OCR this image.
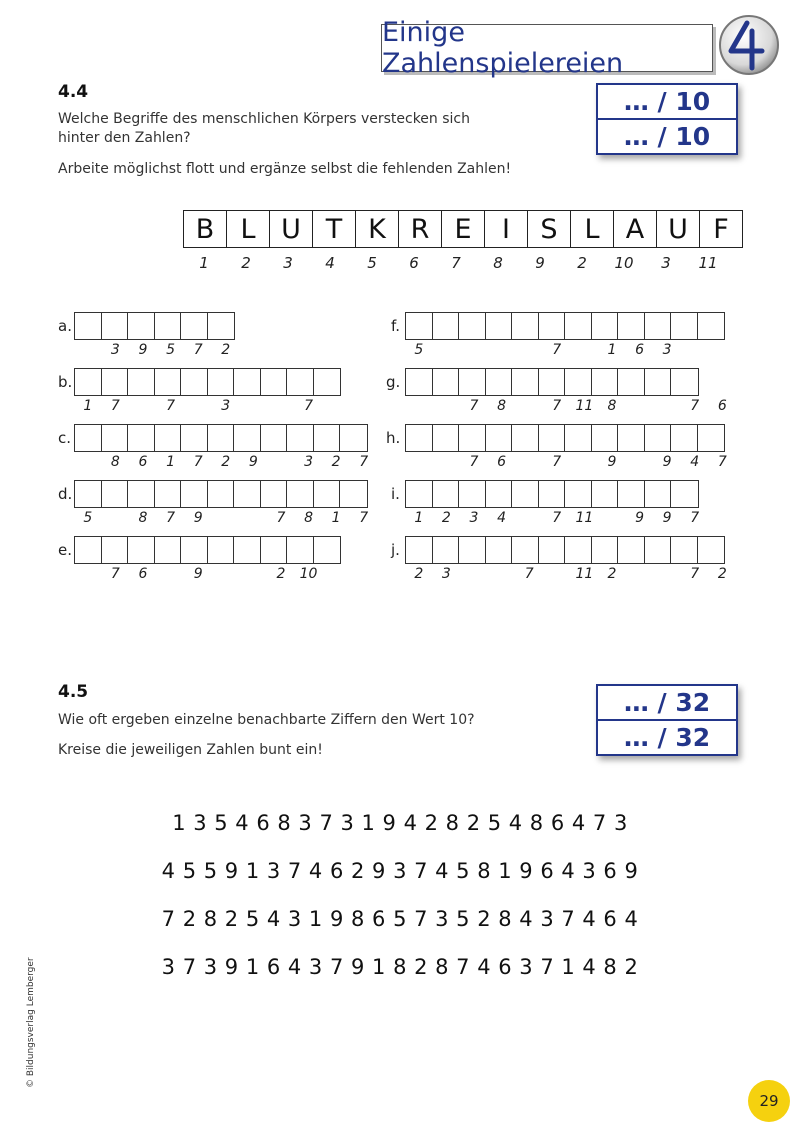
Einige Zahlenspielereien
4.4
Welche Begriffe des menschlichen Körpers verstecken sich
hinter den Zahlen?
Arbeite möglichst flott und ergänze selbst die fehlenden Zahlen!
… / 10
… / 10
B L U T K R E	I	S L A U F
1	2	3	4	5	6	7	8	9	2	10	3	11
a.
3	9	5	7	2
b.
1	7	7	3	7
c.
8	6	1	7	2	9	3	2	7
d.
5	8	7	9	7	8	1	7
e.
7	6	9	2	10
f.
5	7	1	6	3
g.
7	8	7	11	8	7	6
h.
7	6	7	9	9	4	7
i.
1	2	3	4	7	11	9	9	7
j.
2	3	7	11	2	7	2
4.5
Wie oft ergeben einzelne benachbarte Ziffern den Wert 10?
Kreise die jeweiligen Zahlen bunt ein!
… / 32
… / 32
1 3 5 4 6 8 3 7 3 1 9 4 2 8 2 5 4 8 6 4 7 3
4 5 5 9 1 3 7 4 6 2 9 3 7 4 5 8 1 9 6 4 3 6 9
7 2 8 2 5 4 3 1 9 8 6 5 7 3 5 2 8 4 3 7 4 6 4
3 7 3 9 1 6 4 3 7 9 1 8 2 8 7 4 6 3 7 1 4 8 2
© Bildungsverlag Lemberger
29
